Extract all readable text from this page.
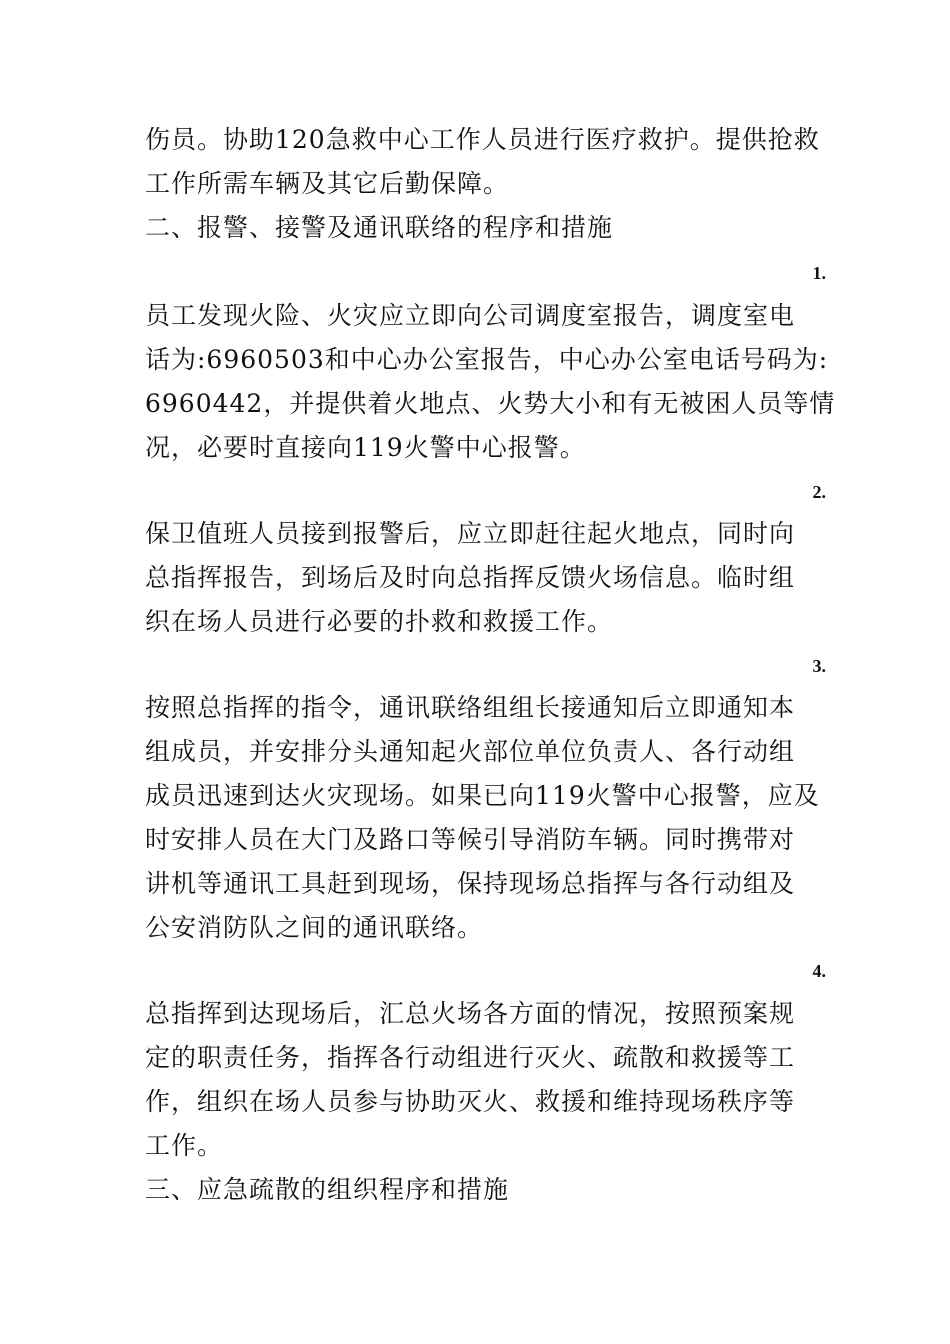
伤员。协助120急救中心工作人员进行医疗救护。提供抢救
工作所需车辆及其它后勤保障。
二、报警、接警及通讯联络的程序和措施
1.
员工发现火险、火灾应立即向公司调度室报告，调度室电
话为:6960503和中心办公室报告，中心办公室电话号码为:
6960442，并提供着火地点、火势大小和有无被困人员等情
况，必要时直接向119火警中心报警。
2.
保卫值班人员接到报警后，应立即赶往起火地点，同时向
总指挥报告，到场后及时向总指挥反馈火场信息。临时组
织在场人员进行必要的扑救和救援工作。
3.
按照总指挥的指令，通讯联络组组长接通知后立即通知本
组成员，并安排分头通知起火部位单位负责人、各行动组
成员迅速到达火灾现场。如果已向119火警中心报警，应及
时安排人员在大门及路口等候引导消防车辆。同时携带对
讲机等通讯工具赶到现场，保持现场总指挥与各行动组及
公安消防队之间的通讯联络。
4.
总指挥到达现场后，汇总火场各方面的情况，按照预案规
定的职责任务，指挥各行动组进行灭火、疏散和救援等工
作，组织在场人员参与协助灭火、救援和维持现场秩序等
工作。
三、应急疏散的组织程序和措施
